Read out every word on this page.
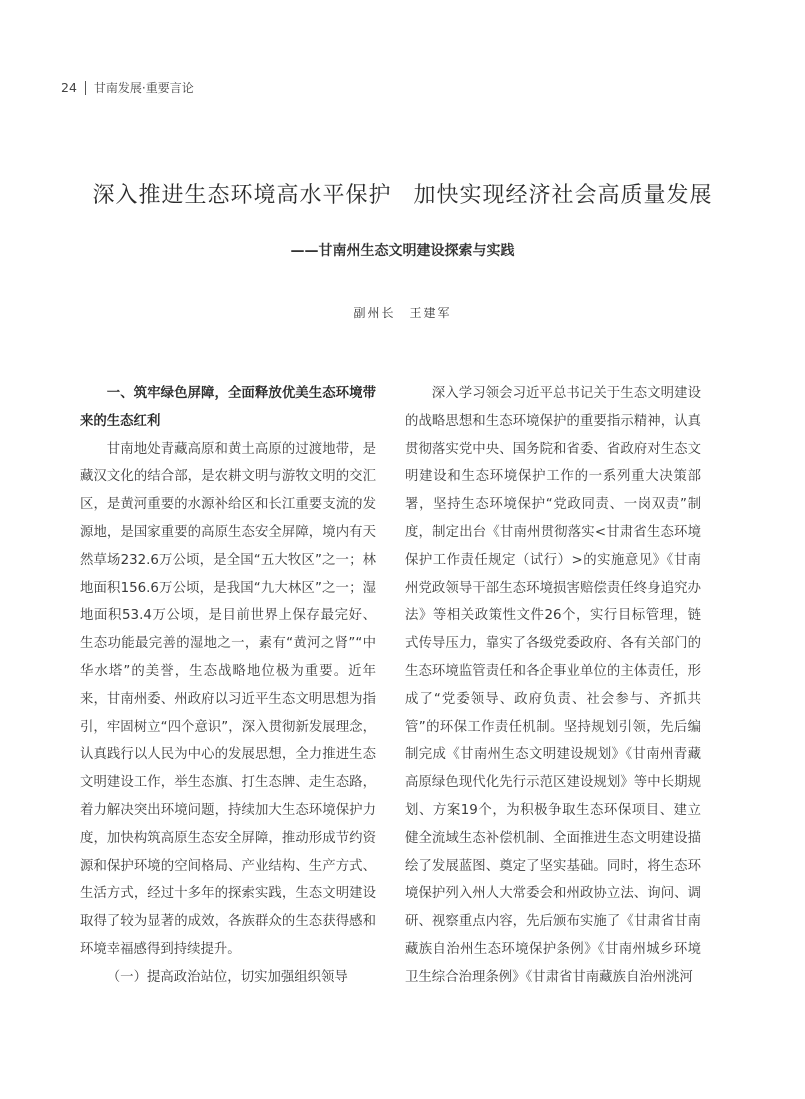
24 甘南发展·重要言论
深入推进生态环境高水平保护 加快实现经济社会高质量发展
——甘南州生态文明建设探索与实践
副州长 王建军

一、筑牢绿色屏障，全面释放优美生态环境带来的生态红利

甘南地处青藏高原和黄土高原的过渡地带，是藏汉文化的结合部，是农耕文明与游牧文明的交汇区，是黄河重要的水源补给区和长江重要支流的发源地，是国家重要的高原生态安全屏障，境内有天然草场232.6万公顷，是全国“五大牧区”之一；林地面积156.6万公顷，是我国“九大林区”之一；湿地面积53.4万公顷，是目前世界上保存最完好、生态功能最完善的湿地之一，素有“黄河之肾”“中华水塔”的美誉，生态战略地位极为重要。近年来，甘南州委、州政府以习近平生态文明思想为指引，牢固树立“四个意识”，深入贯彻新发展理念，认真践行以人民为中心的发展思想，全力推进生态文明建设工作，举生态旗、打生态牌、走生态路，着力解决突出环境问题，持续加大生态环境保护力度，加快构筑高原生态安全屏障，推动形成节约资源和保护环境的空间格局、产业结构、生产方式、生活方式，经过十多年的探索实践，生态文明建设取得了较为显著的成效，各族群众的生态获得感和环境幸福感得到持续提升。

（一）提高政治站位，切实加强组织领导

深入学习领会习近平总书记关于生态文明建设的战略思想和生态环境保护的重要指示精神，认真贯彻落实党中央、国务院和省委、省政府对生态文明建设和生态环境保护工作的一系列重大决策部署，坚持生态环境保护“党政同责、一岗双责”制度，制定出台《甘南州贯彻落实<甘肃省生态环境保护工作责任规定（试行）>的实施意见》《甘南州党政领导干部生态环境损害赔偿责任终身追究办法》等相关政策性文件26个，实行目标管理，链式传导压力，靠实了各级党委政府、各有关部门的生态环境监管责任和各企事业单位的主体责任，形成了“党委领导、政府负责、社会参与、齐抓共管”的环保工作责任机制。坚持规划引领，先后编制完成《甘南州生态文明建设规划》《甘南州青藏高原绿色现代化先行示范区建设规划》等中长期规划、方案19个，为积极争取生态环保项目、建立健全流域生态补偿机制、全面推进生态文明建设描绘了发展蓝图、奠定了坚实基础。同时，将生态环境保护列入州人大常委会和州政协立法、询问、调研、视察重点内容，先后颁布实施了《甘肃省甘南藏族自治州生态环境保护条例》《甘南州城乡环境卫生综合治理条例》《甘肃省甘南藏族自治州洮河
